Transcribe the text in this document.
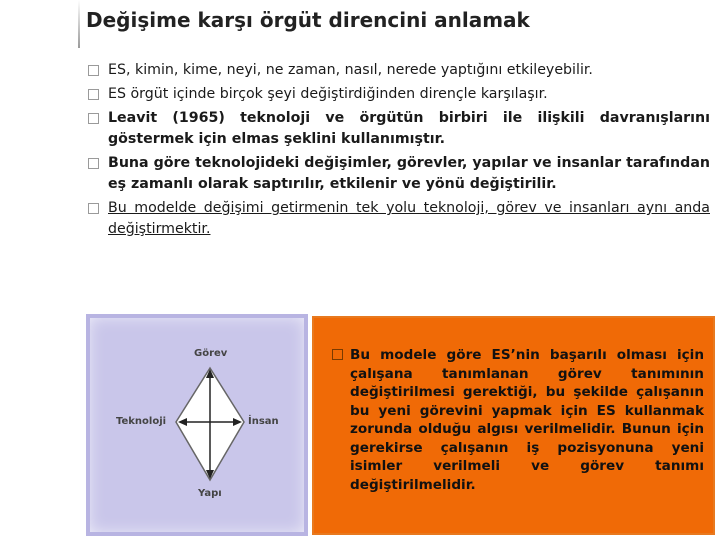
Değişime karşı örgüt direncini anlamak
ES, kimin, kime, neyi, ne zaman, nasıl, nerede yaptığını etkileyebilir.
ES örgüt içinde birçok şeyi değiştirdiğinden dirençle karşılaşır.
Leavit (1965) teknoloji ve örgütün birbiri ile ilişkili davranışlarını göstermek için elmas şeklini kullanımıştır.
Buna göre teknolojideki değişimler, görevler, yapılar ve insanlar tarafından eş zamanlı olarak saptırılır, etkilenir ve yönü değiştirilir.
Bu modelde değişimi getirmenin tek yolu teknoloji, görev ve insanları aynı anda değiştirmektir.
Görev
Teknoloji	İnsan
Yapı
Bu modele göre ES’nin başarılı olması için çalışana tanımlanan görev tanımının değiştirilmesi gerektiği, bu şekilde çalışanın bu yeni görevini yapmak için ES kullanmak zorunda olduğu algısı verilmelidir. Bunun için gerekirse çalışanın iş pozisyonuna yeni isimler verilmeli ve görev tanımı değiştirilmelidir.
